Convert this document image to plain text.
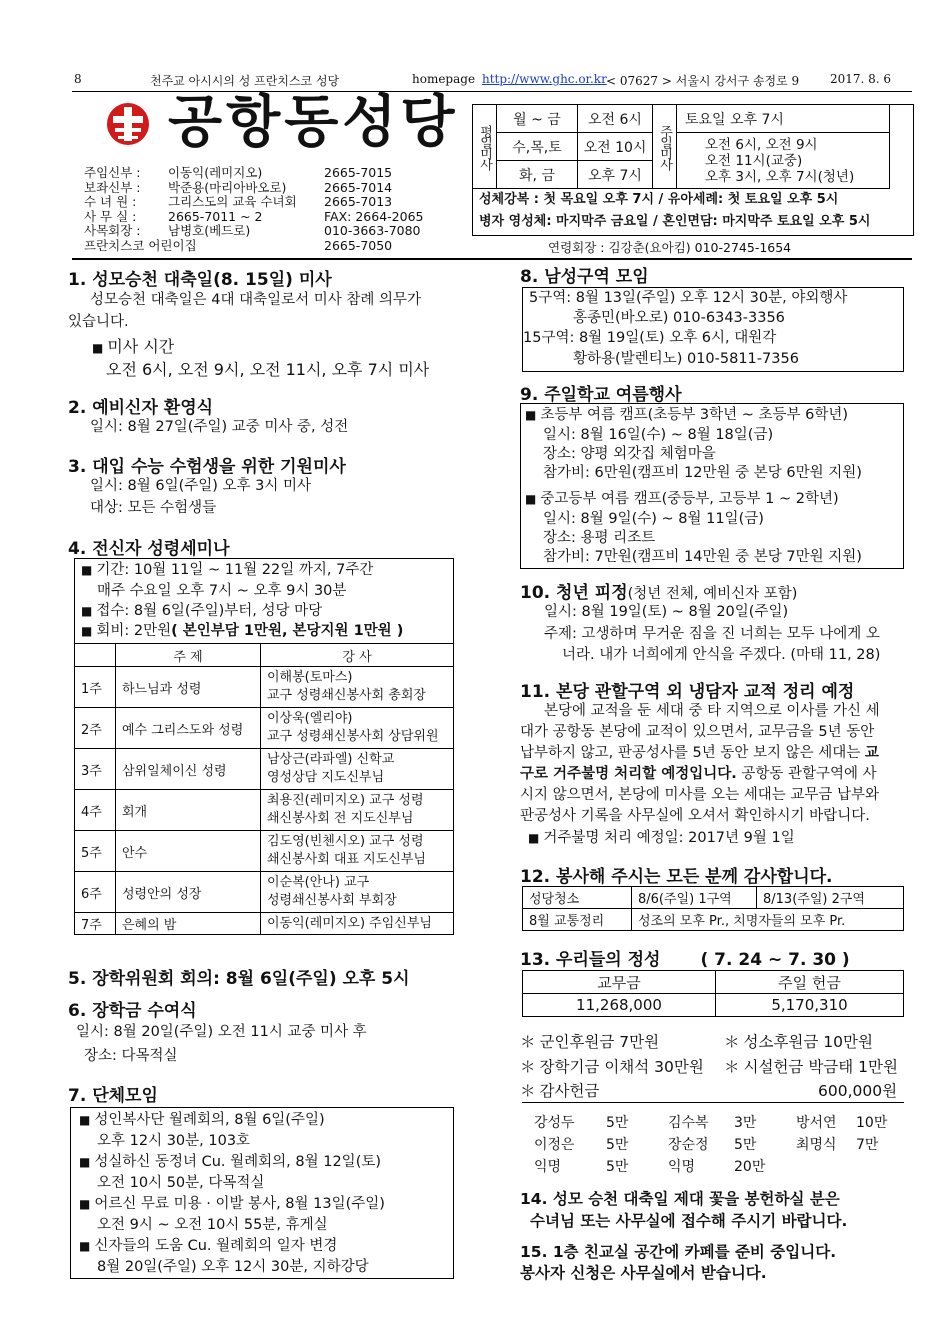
8	천주교 아시시의 성 프란치스코 성당	homepage http://www.ghc.or.kr < 07627 > 서울시 강서구 송정로 9	2017. 8. 6
공항동성당
주임신부 : 이동익(레미지오)	2665-7015
보좌신부 : 박준용(마리아바오로)	2665-7014
수 녀 원 :	그리스도의 교육 수녀회 2665-7013
사 무 실 :	2665-7011 ~ 2	FAX: 2664-2065
사목회장 : 남병호(베드로)	010-3663-7080
프란치스코 어린이집	2665-7050
평일미사	월 ~ 금	오전 6시	주일미사	토요일 오후 7시
	수,목,토	오전 10시		오전 6시, 오전 9시
오전 11시(교중)
오후 3시, 오후 7시(청년)

	화, 금	오후 7시		
성체강복 : 첫 목요일 오후 7시 / 유아세례: 첫 토요일 오후 5시
병자 영성체: 마지막주 금요일 / 혼인면담: 마지막주 토요일 오후 5시
연령회장 : 김강춘(요아킴) 010-2745-1654
1. 성모승천 대축일(8. 15일) 미사
성모승천 대축일은 4대 대축일로서 미사 참례 의무가
있습니다.
■ 미사 시간
오전 6시, 오전 9시, 오전 11시, 오후 7시 미사
2. 예비신자 환영식
일시: 8월 27일(주일) 교중 미사 중, 성전
3. 대입 수능 수험생을 위한 기원미사
일시: 8월 6일(주일) 오후 3시 미사
대상: 모든 수험생들
4. 전신자 성령세미나
■ 기간: 10월 11일 ~ 11월 22일 까지, 7주간
매주 수요일 오후 7시 ~ 오후 9시 30분
■ 접수: 8월 6일(주일)부터, 성당 마당
■ 회비: 2만원( 본인부담 1만원, 본당지원 1만원 )
	주 제	강 사
1주	하느님과 성령	이해봉(토마스)
교구 성령쇄신봉사회 총회장

2주	예수 그리스도와 성령	이상욱(엘리야)
교구 성령쇄신봉사회 상담위원

3주	삼위일체이신 성령	남상근(라파엘) 신학교
영성상담 지도신부님

4주	회개	최용진(레미지오) 교구 성령
쇄신봉사회 전 지도신부님

5주	안수	김도영(빈첸시오) 교구 성령
쇄신봉사회 대표 지도신부님

6주	성령안의 성장	이순복(안나) 교구
성령쇄신봉사회 부회장

7주	은혜의 밤	이동익(레미지오) 주임신부님
5. 장학위원회 회의: 8월 6일(주일) 오후 5시
6. 장학금 수여식
일시: 8월 20일(주일) 오전 11시 교중 미사 후
장소: 다목적실
7. 단체모임
■ 성인복사단 월례회의, 8월 6일(주일)
오후 12시 30분, 103호
■ 성실하신 동정녀 Cu. 월례회의, 8월 12일(토)
오전 10시 50분, 다목적실
■ 어르신 무료 미용 · 이발 봉사, 8월 13일(주일)
오전 9시 ~ 오전 10시 55분, 휴게실
■ 신자들의 도움 Cu. 월례회의 일자 변경
8월 20일(주일) 오후 12시 30분, 지하강당
8. 남성구역 모임
5구역: 8월 13일(주일) 오후 12시 30분, 야외행사
홍종민(바오로) 010-6343-3356
15구역: 8월 19일(토) 오후 6시, 대원각
황하용(발렌티노) 010-5811-7356
9. 주일학교 여름행사
■ 초등부 여름 캠프(초등부 3학년 ~ 초등부 6학년)
일시: 8월 16일(수) ~ 8월 18일(금)
장소: 양평 외갓집 체험마을
참가비: 6만원(캠프비 12만원 중 본당 6만원 지원)
■ 중고등부 여름 캠프(중등부, 고등부 1 ~ 2학년)
일시: 8월 9일(수) ~ 8월 11일(금)
장소: 용평 리조트
참가비: 7만원(캠프비 14만원 중 본당 7만원 지원)
10. 청년 피정(청년 전체, 예비신자 포함)
일시: 8월 19일(토) ~ 8월 20일(주일)
주제: 고생하며 무거운 짐을 진 너희는 모두 나에게 오
너라. 내가 너희에게 안식을 주겠다. (마태 11, 28)
11. 본당 관할구역 외 냉담자 교적 정리 예정
본당에 교적을 둔 세대 중 타 지역으로 이사를 가신 세
대가 공항동 본당에 교적이 있으면서, 교무금을 5년 동안
납부하지 않고, 판공성사를 5년 동안 보지 않은 세대는 교
구로 거주불명 처리할 예정입니다. 공항동 관할구역에 사
시지 않으면서, 본당에 미사를 오는 세대는 교무금 납부와
판공성사 기록을 사무실에 오셔서 확인하시기 바랍니다.
■ 거주불명 처리 예정일: 2017년 9월 1일
12. 봉사해 주시는 모든 분께 감사합니다.
성당청소	8/6(주일) 1구역	8/13(주일) 2구역
8월 교통정리	성조의 모후 Pr., 치명자들의 모후 Pr.	
13. 우리들의 정성 ( 7. 24 ~ 7. 30 )
교무금	주일 헌금
11,268,000	5,170,310
＊ 군인후원금 7만원	＊ 성소후원금 10만원
＊ 장학기금 이채석 30만원	＊ 시설헌금 박금태 1만원
＊ 감사헌금	600,000원
강성두 5만	김수복 3만	방서연 10만
이정은 5만	장순정 5만	최명식 7만
익명	5만	익명	20만
14. 성모 승천 대축일 제대 꽃을 봉헌하실 분은
수녀님 또는 사무실에 접수해 주시기 바랍니다.
15. 1층 친교실 공간에 카페를 준비 중입니다.
봉사자 신청은 사무실에서 받습니다.
